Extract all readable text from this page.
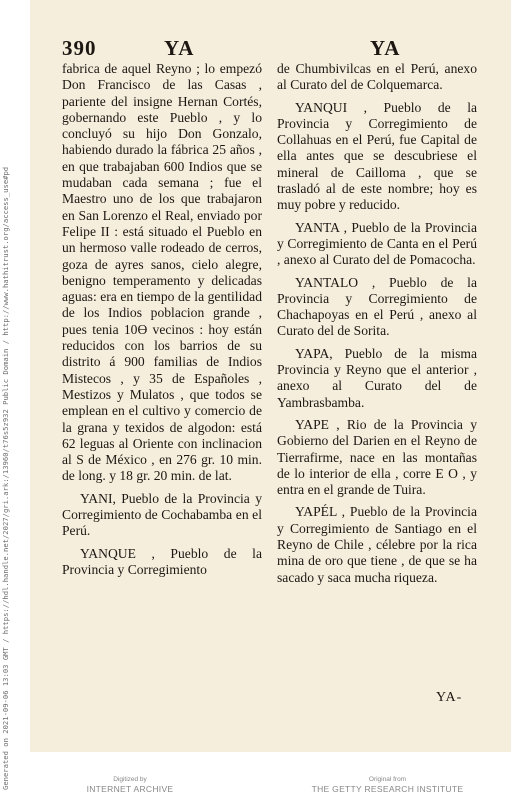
Generated on 2021-09-06 13:03 GMT / https://hdl.handle.net/2027/gri.ark:/13960/t76s5z932 Public Domain / http://www.hathitrust.org/access_use#pd
390	YA	YA

fabrica de aquel Reyno ; lo empezó Don Francisco de las Casas , pariente del insigne Hernan Cortés, gobernando este Pueblo , y lo concluyó su hijo Don Gonzalo, habiendo durado la fábrica 25 años , en que trabajaban 600 Indios que se mudaban cada semana ; fue el Maestro uno de los que trabajaron en San Lorenzo el Real, enviado por Felipe II : está situado el Pueblo en un hermoso valle rodeado de cerros, goza de ayres sanos, cielo alegre, benigno temperamento y delicadas aguas: era en tiempo de la gentilidad de los Indios poblacion grande , pues tenia 10ϴ vecinos : hoy están reducidos con los barrios de su distrito á 900 familias de Indios Mistecos , y 35 de Españoles , Mestizos y Mulatos , que todos se emplean en el cultivo y comercio de la grana y texidos de algodon: está 62 leguas al Oriente con inclinacion al S de México , en 276 gr. 10 min. de long. y 18 gr. 20 min. de lat.

YANI, Pueblo de la Provincia y Corregimiento de Cochabamba en el Perú.

YANQUE , Pueblo de la Provincia y Corregimiento

de Chumbivilcas en el Perú, anexo al Curato del de Colquemarca.

YANQUI , Pueblo de la Provincia y Corregimiento de Collahuas en el Perú, fue Capital de ella antes que se descubriese el mineral de Cailloma , que se trasladó al de este nombre; hoy es muy pobre y reducido.

YANTA , Pueblo de la Provincia y Corregimiento de Canta en el Perú , anexo al Curato del de Pomacocha.

YANTALO , Pueblo de la Provincia y Corregimiento de Chachapoyas en el Perú , anexo al Curato del de Sorita.

YAPA, Pueblo de la misma Provincia y Reyno que el anterior , anexo al Curato del de Yambrasbamba.

YAPE , Rio de la Provincia y Gobierno del Darien en el Reyno de Tierrafirme, nace en las montañas de lo interior de ella , corre E O , y entra en el grande de Tuira.

YAPÉL , Pueblo de la Provincia y Corregimiento de Santiago en el Reyno de Chile , célebre por la rica mina de oro que tiene , de que se ha sacado y saca mucha riqueza.

YA-
Digitized by
INTERNET ARCHIVE
Original from
THE GETTY RESEARCH INSTITUTE
